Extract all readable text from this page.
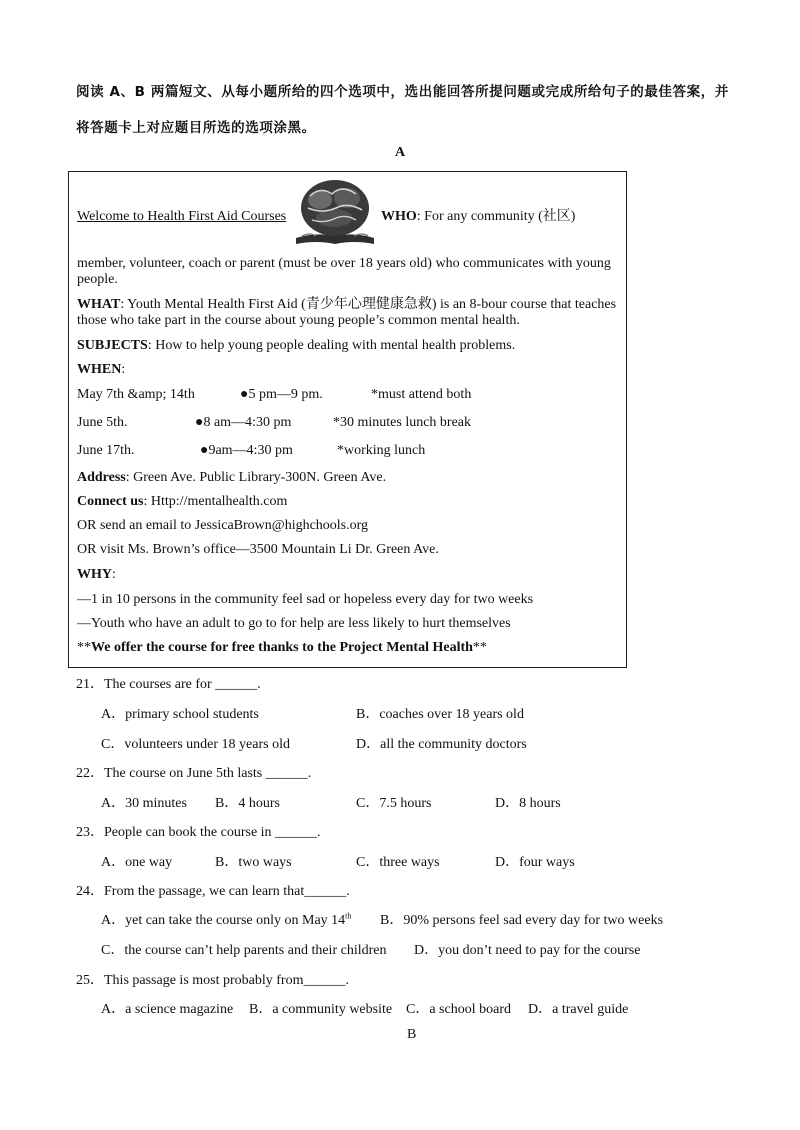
阅读 A、B 两篇短文、从每小题所给的四个选项中，选出能回答所提问题或完成所给句子的最佳答案，并
将答题卡上对应题目所选的选项涂黑。
A
Welcome to Health First Aid Courses	WHO: For any community (社区)
member, volunteer, coach or parent (must be over 18 years old) who communicates with young people.
WHAT: Youth Mental Health First Aid (青少年心理健康急救) is an 8-bour course that teaches those who take part in the course about young people’s common mental health.
SUBJECTS: How to help young people dealing with mental health problems.
WHEN:
May 7th &amp; 14th	●5 pm—9 pm.	*must attend both
June 5th.	●8 am—4:30 pm	*30 minutes lunch break
June 17th.	●9am—4:30 pm	*working lunch
Address: Green Ave. Public Library-300N. Green Ave.
Connect us: Http://mentalhealth.com
OR send an email to JessicaBrown@highchools.org
OR visit Ms. Brown’s office—3500 Mountain Li Dr. Green Ave.
WHY:
—1 in 10 persons in the community feel sad or hopeless every day for two weeks
—Youth who have an adult to go to for help are less likely to hurt themselves
**We offer the course for free thanks to the Project Mental Health**
21．The courses are for ______.
A．primary school students	B．coaches over 18 years old
C．volunteers under 18 years old	D．all the community doctors
22．The course on June 5th lasts ______.
A．30 minutes B．4 hours	C．7.5 hours	D．8 hours
23．People can book the course in ______.
A．one way	B．two ways	C．three ways	D．four ways
24．From the passage, we can learn that______.
A．yet can take the course only on May 14th B．90% persons feel sad every day for two weeks
C．the course can’t help parents and their children D．you don’t need to pay for the course
25．This passage is most probably from______.
A．a science magazine B．a community website C．a school board D．a travel guide
B
